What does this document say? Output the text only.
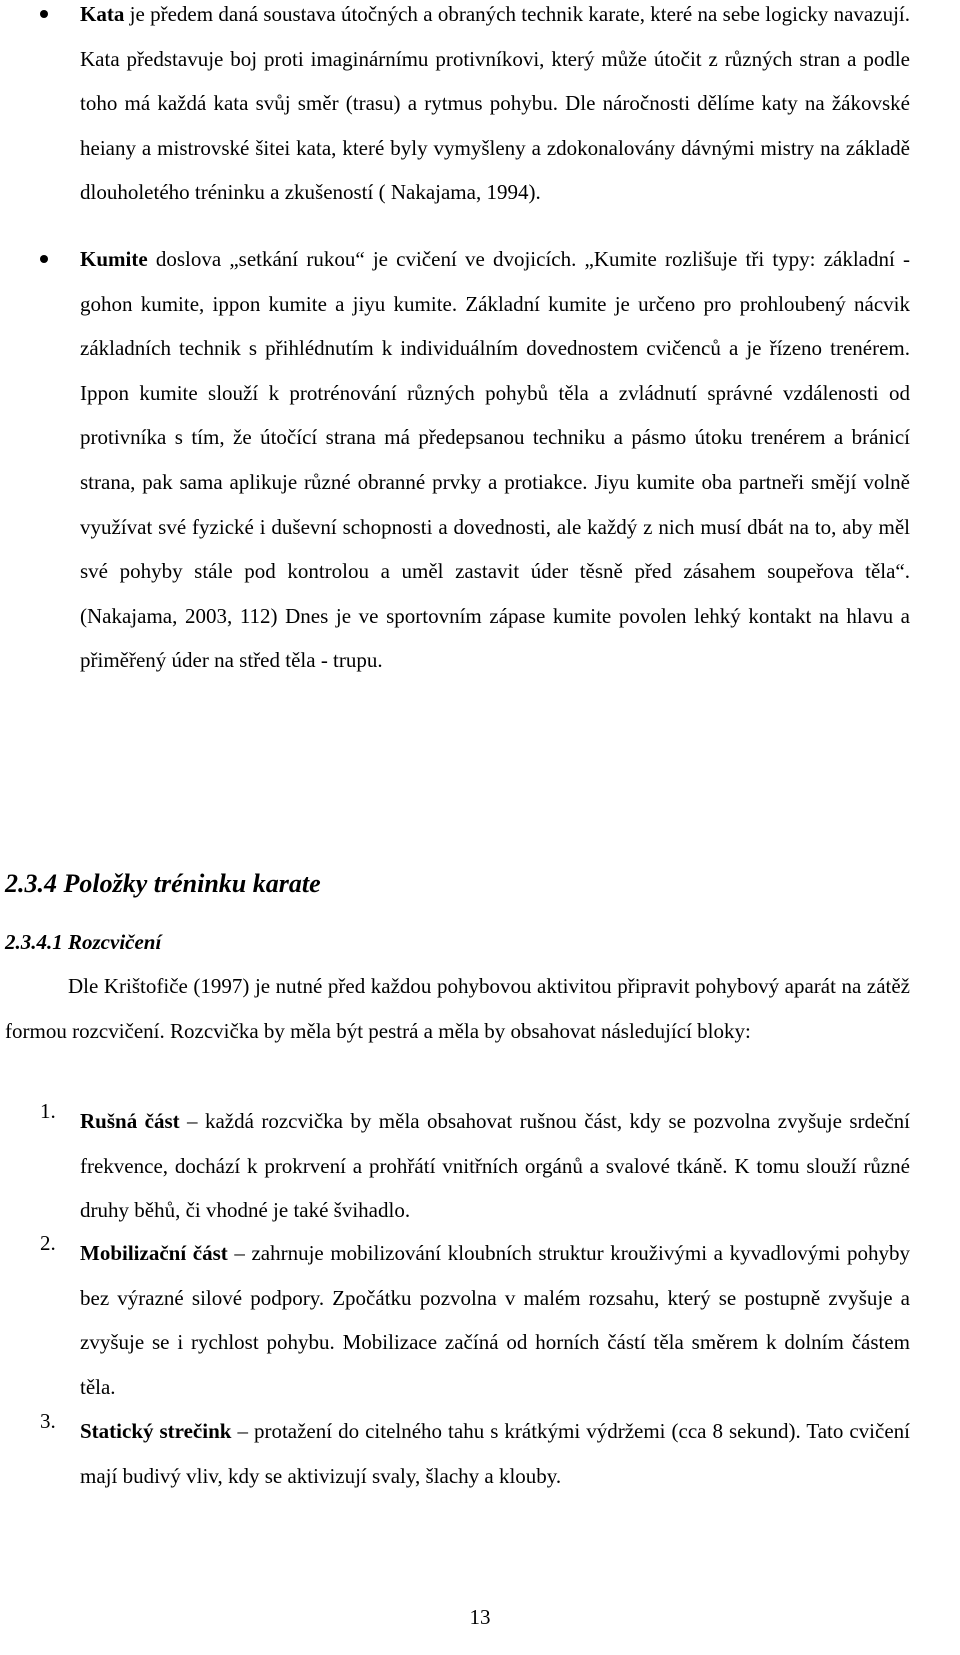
Kata je předem daná soustava útočných a obraných technik karate, které na sebe logicky navazují. Kata představuje boj proti imaginárnímu protivníkovi, který může útočit z různých stran a podle toho má každá kata svůj směr (trasu) a rytmus pohybu. Dle náročnosti dělíme katy na žákovské heiany a mistrovské šitei kata, které byly vymyšleny a zdokonalovány dávnými mistry na základě dlouholetého tréninku a zkušeností ( Nakajama, 1994).

Kumite doslova „setkání rukou“ je cvičení ve dvojicích. „Kumite rozlišuje tři typy: základní - gohon kumite, ippon kumite a jiyu kumite. Základní kumite je určeno pro prohloubený nácvik základních technik s přihlédnutím k individuálním dovednostem cvičenců a je řízeno trenérem. Ippon kumite slouží k protrénování různých pohybů těla a zvládnutí správné vzdálenosti od protivníka s tím, že útočící strana má předepsanou techniku a pásmo útoku trenérem a bránicí strana, pak sama aplikuje různé obranné prvky a protiakce. Jiyu kumite oba partneři smějí volně využívat své fyzické i duševní schopnosti a dovednosti, ale každý z nich musí dbát na to, aby měl své pohyby stále pod kontrolou a uměl zastavit úder těsně před zásahem soupeřova těla“. (Nakajama, 2003, 112) Dnes je ve sportovním zápase kumite povolen lehký kontakt na hlavu a přiměřený úder na střed těla - trupu.

2.3.4 Položky tréninku karate
2.3.4.1 Rozcvičení

Dle Krištofiče (1997) je nutné před každou pohybovou aktivitou připravit pohybový aparát na zátěž formou rozcvičení. Rozcvička by měla být pestrá a měla by obsahovat následující bloky:

1. Rušná část – každá rozcvička by měla obsahovat rušnou část, kdy se pozvolna zvyšuje srdeční frekvence, dochází k prokrvení a prohřátí vnitřních orgánů a svalové tkáně. K tomu slouží různé druhy běhů, či vhodné je také švihadlo.

2. Mobilizační část – zahrnuje mobilizování kloubních struktur krouživými a kyvadlovými pohyby bez výrazné silové podpory. Zpočátku pozvolna v malém rozsahu, který se postupně zvyšuje a zvyšuje se i rychlost pohybu. Mobilizace začíná od horních částí těla směrem k dolním částem těla.

3. Statický strečink – protažení do citelného tahu s krátkými výdržemi (cca 8 sekund). Tato cvičení mají budivý vliv, kdy se aktivizují svaly, šlachy a klouby.

13
